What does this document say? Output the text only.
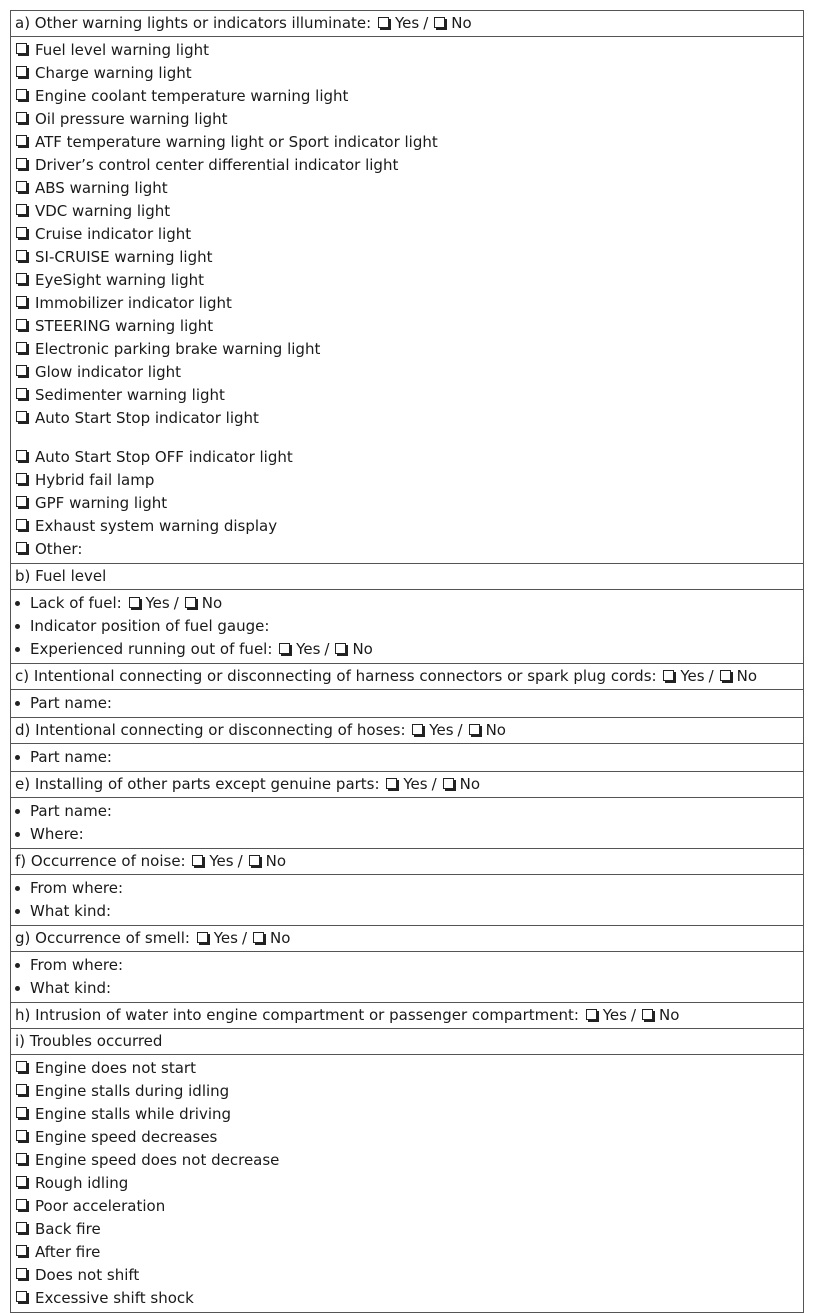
a) Other warning lights or indicators illuminate: Yes / No
Fuel level warning light
Charge warning light
Engine coolant temperature warning light
Oil pressure warning light
ATF temperature warning light or Sport indicator light
Driver’s control center differential indicator light
ABS warning light
VDC warning light
Cruise indicator light
SI-CRUISE warning light
EyeSight warning light
Immobilizer indicator light
STEERING warning light
Electronic parking brake warning light
Glow indicator light
Sedimenter warning light
Auto Start Stop indicator light
Auto Start Stop OFF indicator light
Hybrid fail lamp
GPF warning light
Exhaust system warning display
Other:
b) Fuel level
Lack of fuel:
Yes / No
Indicator position of fuel gauge:
Experienced running out of fuel:
Yes / No
c) Intentional connecting or disconnecting of harness connectors or spark plug cords: Yes / No
Part name:
d) Intentional connecting or disconnecting of hoses: Yes / No
Part name:
e) Installing of other parts except genuine parts: Yes / No
Part name:
Where:
f) Occurrence of noise: Yes / No
From where:
What kind:
g) Occurrence of smell: Yes / No
From where:
What kind:
h) Intrusion of water into engine compartment or passenger compartment: Yes / No
i) Troubles occurred
Engine does not start
Engine stalls during idling
Engine stalls while driving
Engine speed decreases
Engine speed does not decrease
Rough idling
Poor acceleration
Back fire
After fire
Does not shift
Excessive shift shock
